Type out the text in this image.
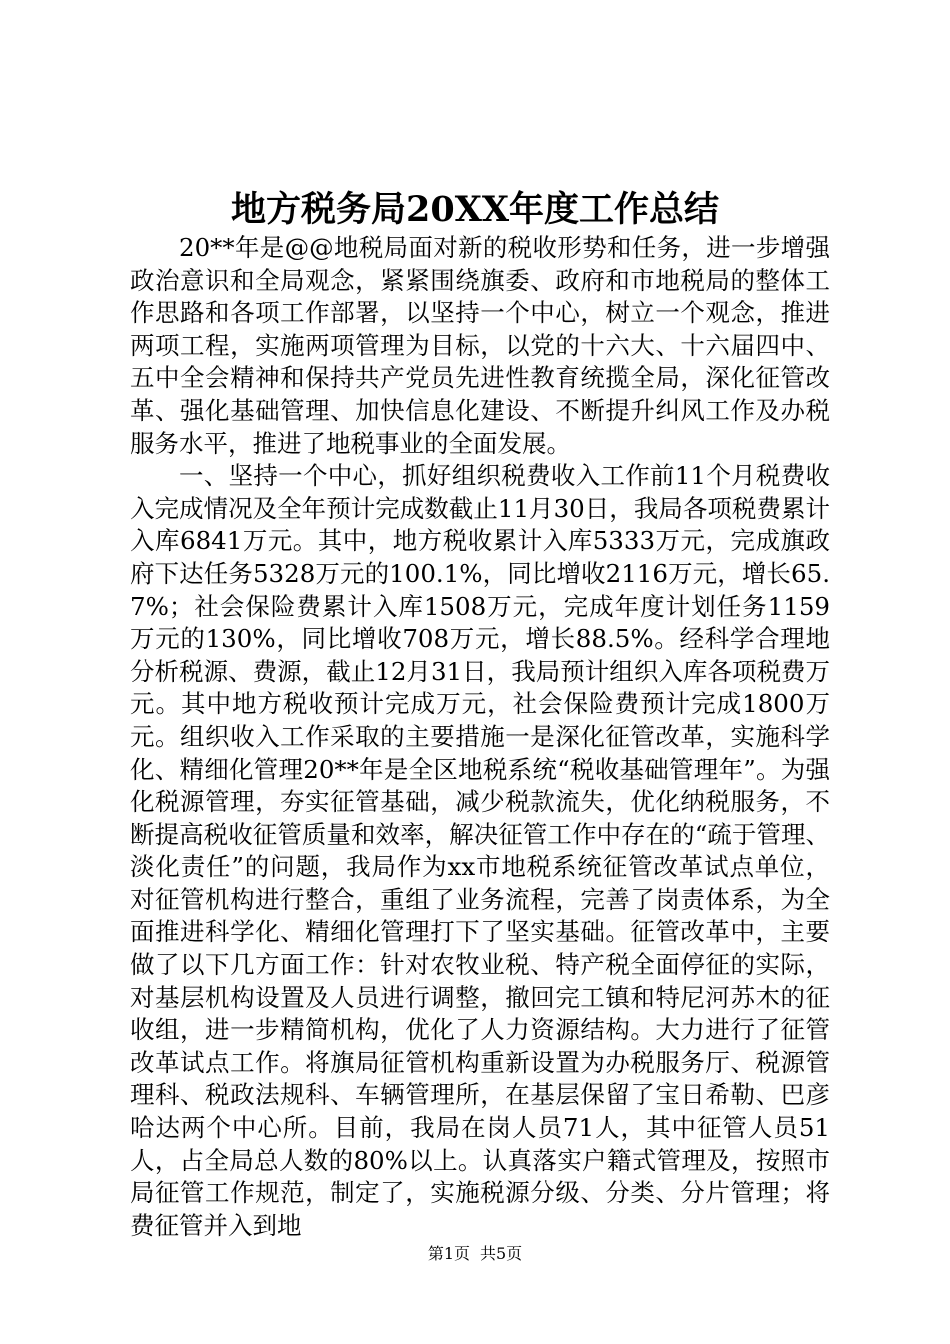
地方税务局20XX年度工作总结

20**年是@@地税局面对新的税收形势和任务，进一步增强政治意识和全局观念，紧紧围绕旗委、政府和市地税局的整体工作思路和各项工作部署，以坚持一个中心，树立一个观念，推进两项工程，实施两项管理为目标，以党的十六大、十六届四中、五中全会精神和保持共产党员先进性教育统揽全局，深化征管改革、强化基础管理、加快信息化建设、不断提升纠风工作及办税服务水平，推进了地税事业的全面发展。

一、坚持一个中心，抓好组织税费收入工作前11个月税费收入完成情况及全年预计完成数截止11月30日，我局各项税费累计入库6841万元。其中，地方税收累计入库5333万元，完成旗政府下达任务5328万元的100.1%，同比增收2116万元，增长65.7%；社会保险费累计入库1508万元，完成年度计划任务1159万元的130%，同比增收708万元，增长88.5%。经科学合理地分析税源、费源，截止12月31日，我局预计组织入库各项税费万元。其中地方税收预计完成万元，社会保险费预计完成1800万元。组织收入工作采取的主要措施一是深化征管改革，实施科学化、精细化管理20**年是全区地税系统“税收基础管理年”。为强化税源管理，夯实征管基础，减少税款流失，优化纳税服务，不断提高税收征管质量和效率，解决征管工作中存在的“疏于管理、淡化责任”的问题，我局作为xx市地税系统征管改革试点单位，对征管机构进行整合，重组了业务流程，完善了岗责体系，为全面推进科学化、精细化管理打下了坚实基础。征管改革中，主要做了以下几方面工作：针对农牧业税、特产税全面停征的实际，对基层机构设置及人员进行调整，撤回完工镇和特尼河苏木的征收组，进一步精简机构，优化了人力资源结构。大力进行了征管改革试点工作。将旗局征管机构重新设置为办税服务厅、税源管理科、税政法规科、车辆管理所，在基层保留了宝日希勒、巴彦哈达两个中心所。目前，我局在岗人员71人，其中征管人员51人，占全局总人数的80%以上。认真落实户籍式管理及，按照市局征管工作规范，制定了，实施税源分级、分类、分片管理；将费征管并入到地

第1页 共5页
